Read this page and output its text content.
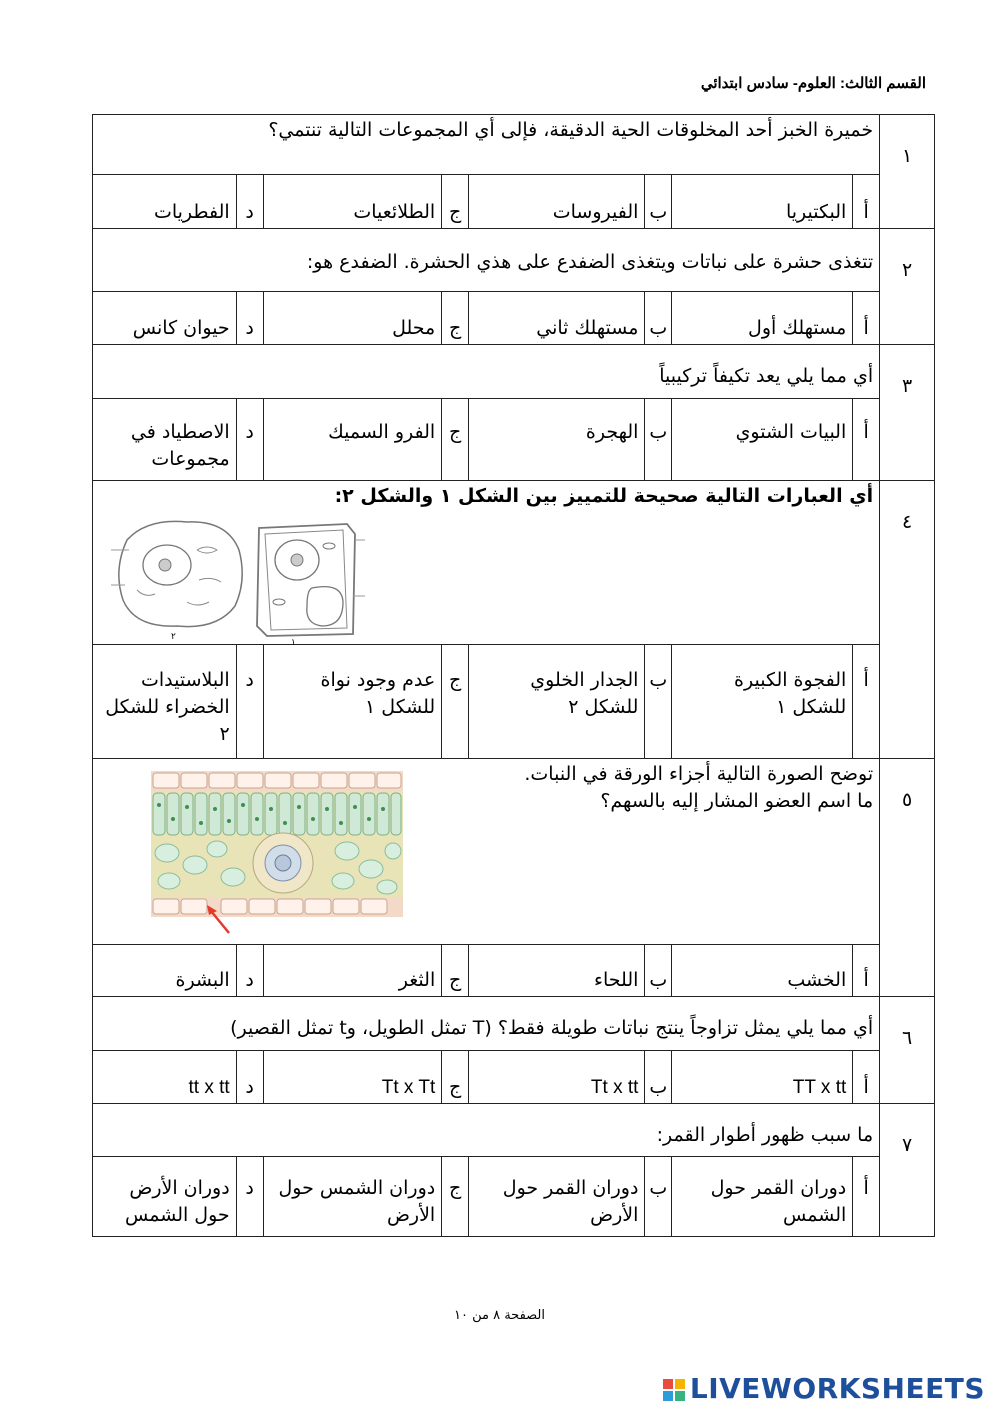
القسم الثالث: العلوم- سادس ابتدائي
١	خميرة الخبز أحد المخلوقات الحية الدقيقة، فإلى أي المجموعات التالية تنتمي؟							
	أ	البكتيريا	ب	الفيروسات	ج	الطلائعيات	د	الفطريات
٢	تتغذى حشرة على نباتات ويتغذى الضفدع على هذي الحشرة. الضفدع هو:							
	أ	مستهلك أول	ب	مستهلك ثاني	ج	محلل	د	حيوان كانس
٣	أي مما يلي يعد تكيفاً تركيبياً							
	أ	البيات الشتوي	ب	الهجرة	ج	الفرو السميك	د	الاصطياد في مجموعات
٤	أي العبارات التالية صحيحة للتمييز بين الشكل ١ والشكل ٢:
٢
١							

	أ	الفجوة الكبيرة للشكل ١	ب	الجدار الخلوي للشكل ٢	ج	عدم وجود نواة للشكل ١	د	البلاستيدات الخضراء للشكل ٢
٥	توضح الصورة التالية أجزاء الورقة في النبات.
ما اسم العضو المشار إليه بالسهم؟							

	أ	الخشب	ب	اللحاء	ج	الثغر	د	البشرة
٦	أي مما يلي يمثل تزاوجاً ينتج نباتات طويلة فقط؟ (T تمثل الطويل، وt تمثل القصير)							
	أ	TT x tt	ب	Tt x tt	ج	Tt x Tt	د	tt x tt
٧	ما سبب ظهور أطوار القمر:							
	أ	دوران القمر حول الشمس	ب	دوران القمر حول الأرض	ج	دوران الشمس حول الأرض	د	دوران الأرض حول الشمس
الصفحة ٨ من ١٠
LIVEWORKSHEETS
